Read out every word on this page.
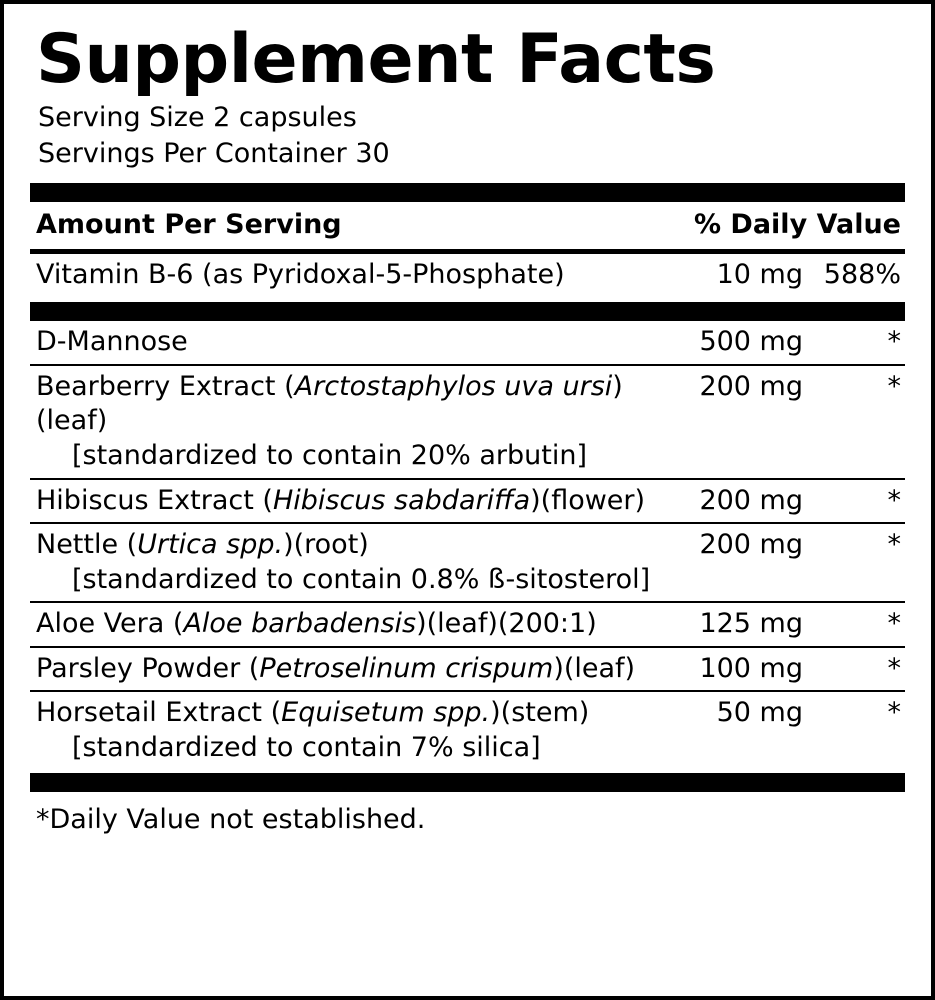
Supplement Facts
Serving Size 2 capsules
Servings Per Container 30
Amount Per Serving	% Daily Value
Vitamin B-6 (as Pyridoxal-5-Phosphate)	10 mg 588%
D-Mannose	500 mg	*
Bearberry Extract (Arctostaphylos uva ursi)(leaf)
[standardized to contain 20% arbutin]
200 mg	*
Hibiscus Extract (Hibiscus sabdariffa)(flower)	200 mg	*
Nettle (Urtica spp.)(root)
[standardized to contain 0.8% ß-sitosterol]
200 mg	*
Aloe Vera (Aloe barbadensis)(leaf)(200:1)	125 mg	*
Parsley Powder (Petroselinum crispum)(leaf)	100 mg	*
Horsetail Extract (Equisetum spp.)(stem)
[standardized to contain 7% silica]
50 mg	*
*Daily Value not established.
